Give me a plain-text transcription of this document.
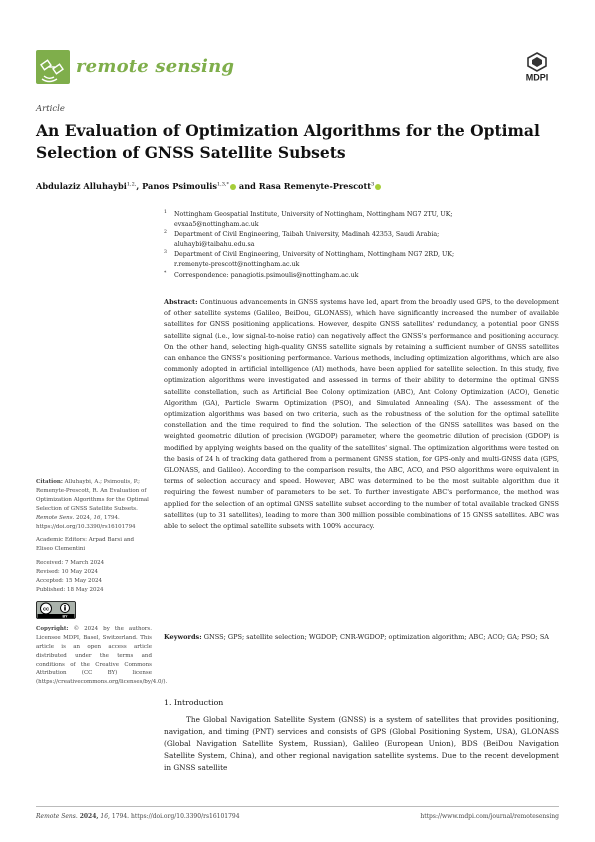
remote sensing
MDPI
Article
An Evaluation of Optimization Algorithms for the Optimal Selection of GNSS Satellite Subsets
Abdulaziz Alluhaybi$^{1,2,}$, Panos Psimoulis$^{1,3,*}$ and Rasa Remenyte-Prescott$^3$
1 Nottingham Geospatial Institute, University of Nottingham, Nottingham NG7 2TU, UK;
evxaa5@nottingham.ac.uk
2 Department of Civil Engineering, Taibah University, Madinah 42353, Saudi Arabia;
aluhaybi@taibahu.edu.sa
3 Department of Civil Engineering, University of Nottingham, Nottingham NG7 2RD, UK;
r.remenyte-prescott@nottingham.ac.uk
* Correspondence: panagiotis.psimoulis@nottingham.ac.uk
Abstract: Continuous advancements in GNSS systems have led, apart from the broadly used GPS, to the development of other satellite systems (Galileo, BeiDou, GLONASS), which have significantly increased the number of available satellites for GNSS positioning applications. However, despite GNSS satellites' redundancy, a potential poor GNSS satellite signal (i.e., low signal-to-noise ratio) can negatively affect the GNSS's performance and positioning accuracy. On the other hand, selecting high-quality GNSS satellite signals by retaining a sufficient number of GNSS satellites can enhance the GNSS's positioning performance. Various methods, including optimization algorithms, which are also commonly adopted in artificial intelligence (AI) methods, have been applied for satellite selection. In this study, five optimization algorithms were investigated and assessed in terms of their ability to determine the optimal GNSS satellite constellation, such as Artificial Bee Colony optimization (ABC), Ant Colony Optimization (ACO), Genetic Algorithm (GA), Particle Swarm Optimization (PSO), and Simulated Annealing (SA). The assessment of the optimization algorithms was based on two criteria, such as the robustness of the solution for the optimal satellite constellation and the time required to find the solution. The selection of the GNSS satellites was based on the weighted geometric dilution of precision (WGDOP) parameter, where the geometric dilution of precision (GDOP) is modified by applying weights based on the quality of the satellites' signal. The optimization algorithms were tested on the basis of 24 h of tracking data gathered from a permanent GNSS station, for GPS-only and multi-GNSS data (GPS, GLONASS, and Galileo). According to the comparison results, the ABC, ACO, and PSO algorithms were equivalent in terms of selection accuracy and speed. However, ABC was determined to be the most suitable algorithm due it requiring the fewest number of parameters to be set. To further investigate ABC's performance, the method was applied for the selection of an optimal GNSS satellite subset according to the number of total available tracked GNSS satellites (up to 31 satellites), leading to more than 300 million possible combinations of 15 GNSS satellites. ABC was able to select the optimal satellite subsets with 100% accuracy.
Keywords: GNSS; GPS; satellite selection; WGDOP; CNR-WGDOP; optimization algorithm; ABC; ACO; GA; PSO; SA

Citation: Alluhaybi, A.; Psimoulis, P.; Remenyte-Prescott, R. An Evaluation of Optimization Algorithms for the Optimal Selection of GNSS Satellite Subsets. Remote Sens. 2024, 16, 1794. https://doi.org/10.3390/rs16101794

Academic Editors: Arpad Barsi and Eliseo Clementini

Received: 7 March 2024

Revised: 10 May 2024

Accepted: 15 May 2024

Published: 18 May 2024

cc
BY

Copyright: © 2024 by the authors. Licensee MDPI, Basel, Switzerland. This article is an open access article distributed under the terms and conditions of the Creative Commons Attribution (CC BY) license (https://creativecommons.org/licenses/by/4.0/).

1. Introduction

The Global Navigation Satellite System (GNSS) is a system of satellites that provides positioning, navigation, and timing (PNT) services and consists of GPS (Global Positioning System, USA), GLONASS (Global Navigation Satellite System, Russian), Galileo (European Union), BDS (BeiDou Navigation Satellite System, China), and other regional navigation satellite systems. Due to the recent development in GNSS satellite

Remote Sens. 2024, 16, 1794. https://doi.org/10.3390/rs16101794	https://www.mdpi.com/journal/remotesensing
